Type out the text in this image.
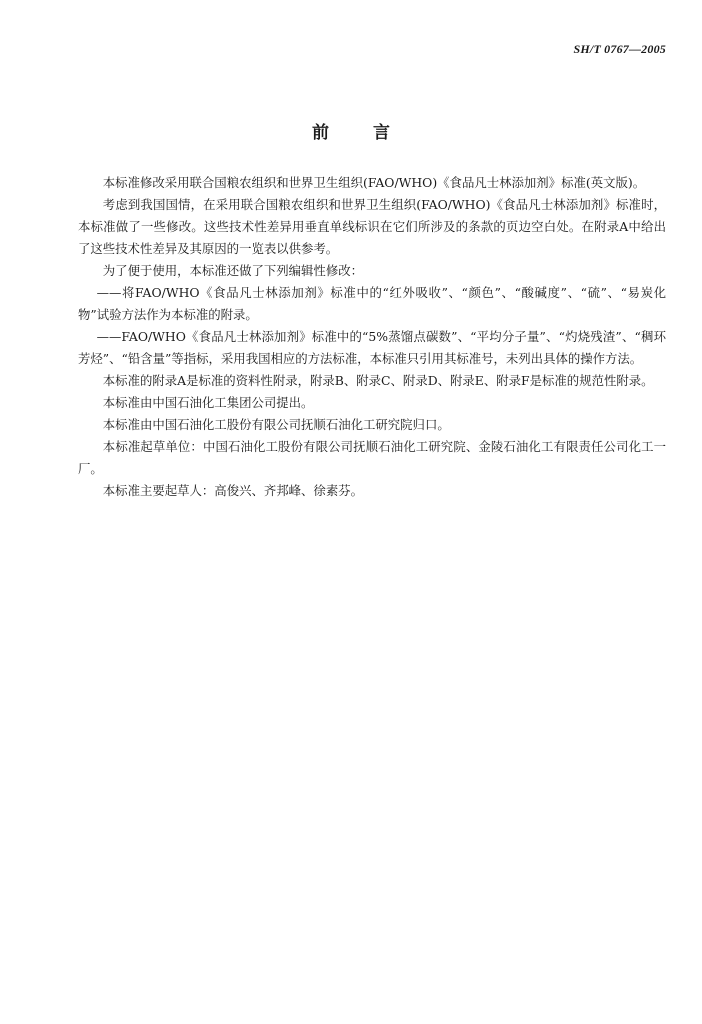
SH/T 0767—2005
前言

本标准修改采用联合国粮农组织和世界卫生组织(FAO/WHO)《食品凡士林添加剂》标准(英文版)。

考虑到我国国情，在采用联合国粮农组织和世界卫生组织(FAO/WHO)《食品凡士林添加剂》标准时，本标准做了一些修改。这些技术性差异用垂直单线标识在它们所涉及的条款的页边空白处。在附录A中给出了这些技术性差异及其原因的一览表以供参考。

为了便于使用，本标准还做了下列编辑性修改：

——将FAO/WHO《食品凡士林添加剂》标准中的“红外吸收”、“颜色”、“酸碱度”、“硫”、“易炭化物”试验方法作为本标准的附录。

——FAO/WHO《食品凡士林添加剂》标准中的“5%蒸馏点碳数”、“平均分子量”、“灼烧残渣”、“稠环芳烃”、“铅含量”等指标，采用我国相应的方法标准，本标准只引用其标准号，未列出具体的操作方法。

本标准的附录A是标准的资料性附录，附录B、附录C、附录D、附录E、附录F是标准的规范性附录。

本标准由中国石油化工集团公司提出。

本标准由中国石油化工股份有限公司抚顺石油化工研究院归口。

本标准起草单位：中国石油化工股份有限公司抚顺石油化工研究院、金陵石油化工有限责任公司化工一厂。

本标准主要起草人：高俊兴、齐邦峰、徐素芬。
